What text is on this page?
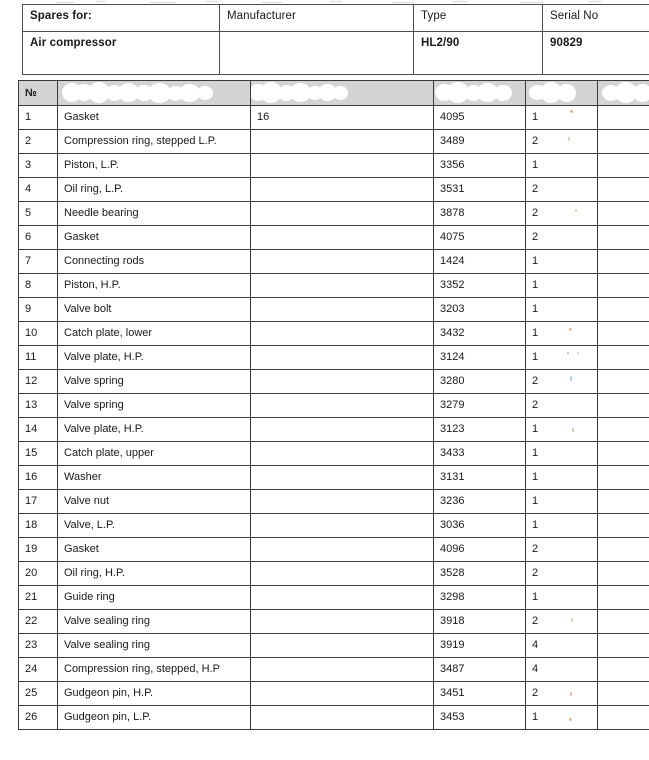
Spares for:	Manufacturer	Type	Serial No
Air compressor		HL2/90	90829
№	

1	Gasket	16	4095	1	
2	Compression ring, stepped L.P.		3489	2	
3	Piston, L.P.		3356	1	
4	Oil ring, L.P.		3531	2	
5	Needle bearing		3878	2	
6	Gasket		4075	2	
7	Connecting rods		1424	1	
8	Piston, H.P.		3352	1	
9	Valve bolt		3203	1	
10	Catch plate, lower		3432	1	
11	Valve plate, H.P.		3124	1	
12	Valve spring		3280	2	
13	Valve spring		3279	2	
14	Valve plate, H.P.		3123	1	
15	Catch plate, upper		3433	1	
16	Washer		3131	1	
17	Valve nut		3236	1	
18	Valve, L.P.		3036	1	
19	Gasket		4096	2	
20	Oil ring, H.P.		3528	2	
21	Guide ring		3298	1	
22	Valve sealing ring		3918	2	
23	Valve sealing ring		3919	4	
24	Compression ring, stepped, H.P		3487	4	
25	Gudgeon pin, H.P.		3451	2	
26	Gudgeon pin, L.P.		3453	1	
